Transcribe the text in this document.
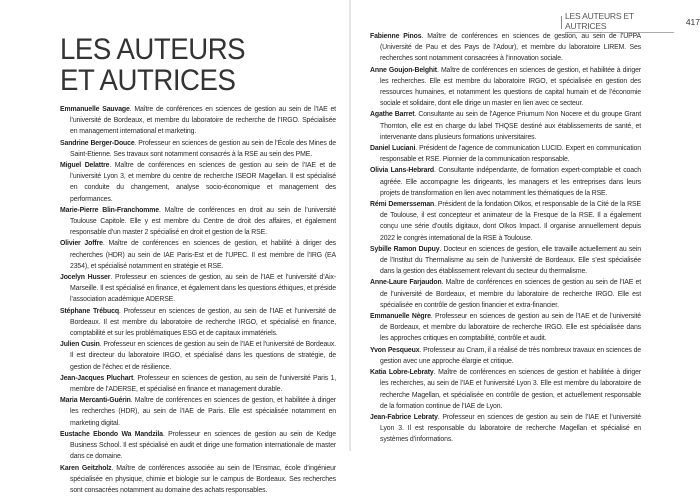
LES AUTEURS
ET AUTRICES

Emmanuelle Sauvage. Maître de conférences en sciences de gestion au sein de l’IAE et l’université de Bordeaux, et membre du laboratoire de recherche de l’IRGO. Spécialisée en management international et marketing.

Sandrine Berger-Douce. Professeur en sciences de gestion au sein de l’École des Mines de Saint-Etienne. Ses travaux sont notamment consacrés à la RSE au sein des PME.

Miguel Delattre. Maître de conférences en sciences de gestion au sein de l’IAE et de l’université Lyon 3, et membre du centre de recherche ISEOR Magellan. Il est spécialisé en conduite du changement, analyse socio-économique et management des performances.

Marie-Pierre Blin-Franchomme. Maître de conférences en droit au sein de l’université Toulouse Capitole. Elle y est membre du Centre de droit des affaires, et également responsable d’un master 2 spécialisé en droit et gestion de la RSE.

Olivier Joffre. Maître de conférences en sciences de gestion, et habilité à diriger des recherches (HDR) au sein de IAE Paris-Est et de l’UPEC. Il est membre de l’IRG (EA 2354), et spécialisé notamment en stratégie et RSE.

Jocelyn Husser. Professeur en sciences de gestion, au sein de l’IAE et l’université d’Aix-Marseille. Il est spécialisé en finance, et également dans les questions éthiques, et préside l’association académique ADERSE.

Stéphane Trébucq. Professeur en sciences de gestion, au sein de l’IAE et l’université de Bordeaux. Il est membre du laboratoire de recherche IRGO, et spécialisé en finance, comptabilité et sur les problématiques ESG et de capitaux immatériels.

Julien Cusin. Professeur en sciences de gestion au sein de l’IAE et l’université de Bordeaux. Il est directeur du laboratoire IRGO, et spécialisé dans les questions de stratégie, de gestion de l’échec et de résilience.

Jean-Jacques Pluchart. Professeur en sciences de gestion, au sein de l’université Paris 1, membre de l’ADERSE, et spécialisé en finance et management durable.

Maria Mercanti-Guérin. Maître de conférences en sciences de gestion, et habilitée à diriger les recherches (HDR), au sein de l’IAE de Paris. Elle est spécialisée notamment en marketing digital.

Eustache Ebondo Wa Mandzila. Professeur en sciences de gestion au sein de Kedge Business School. Il est spécialisé en audit et dirige une formation internationale de master dans ce domaine.

Karen Geitzholz. Maître de conférences associée au sein de l’Ensmac, école d’ingénieur spécialisée en physique, chimie et biologie sur le campus de Bordeaux. Ses recherches sont consacrées notamment au domaine des achats responsables.

LES AUTEURS ET AUTRICES	417

Fabienne Pinos. Maître de conférences en sciences de gestion, au sein de l’UPPA (Université de Pau et des Pays de l’Adour), et membre du laboratoire LIREM. Ses recherches sont notamment consacrées à l’innovation sociale.

Anne Goujon-Belghit. Maître de conférences en sciences de gestion, et habilitée à diriger les recherches. Elle est membre du laboratoire IRGO, et spécialisée en gestion des ressources humaines, et notamment les questions de capital humain et de l’économie sociale et solidaire, dont elle dirige un master en lien avec ce secteur.

Agathe Barret. Consultante au sein de l’Agence Priumum Non Nocere et du groupe Grant Thornton, elle est en charge du label THQSE destiné aux établissements de santé, et intervenante dans plusieurs formations universitaires.

Daniel Luciani. Président de l’agence de communication LUCID. Expert en communication responsable et RSE. Pionnier de la communication responsable.

Olivia Lans-Hebrard. Consultante indépendante, de formation expert-comptable et coach agréée. Elle accompagne les dirigeants, les managers et les entreprises dans leurs projets de transformation en lien avec notamment les thématiques de la RSE.

Rémi Demersseman. Président de la fondation Oïkos, et responsable de la Cité de la RSE de Toulouse, il est concepteur et animateur de la Fresque de la RSE. Il a également conçu une série d’outils digitaux, dont Oïkos Impact. Il organise annuellement depuis 2022 le congrès international de la RSE à Toulouse.

Sybille Ramon Dupuy. Docteur en sciences de gestion, elle travaille actuellement au sein de l’Institut du Thermalisme au sein de l’université de Bordeaux. Elle s’est spécialisée dans la gestion des établissement relevant du secteur du thermalisme.

Anne-Laure Farjaudon. Maître de conférences en sciences de gestion au sein de l’IAE et de l’université de Bordeaux, et membre du laboratoire de recherche IRGO. Elle est spécialisée en contrôle de gestion financier et extra-financier.

Emmanuelle Nègre. Professeur en sciences de gestion au sein de l’IAE et de l’université de Bordeaux, et membre du laboratoire de recherche IRGO. Elle est spécialisée dans les approches critiques en comptabilité, contrôle et audit.

Yvon Pesqueux. Professeur au Cnam, il a réalisé de très nombreux travaux en sciences de gestion avec une approche élargie et critique.

Katia Lobre-Lebraty. Maître de conférences en sciences de gestion et habilitée à diriger les recherches, au sein de l’IAE et l’université Lyon 3. Elle est membre du laboratoire de recherche Magellan, et spécialisée en contrôle de gestion, et actuellement responsable de la formation continue de l’IAE de Lyon.

Jean-Fabrice Lebraty. Professeur en sciences de gestion au sein de l’IAE et l’université Lyon 3. Il est responsable du laboratoire de recherche Magellan et spécialisé en systèmes d’informations.
